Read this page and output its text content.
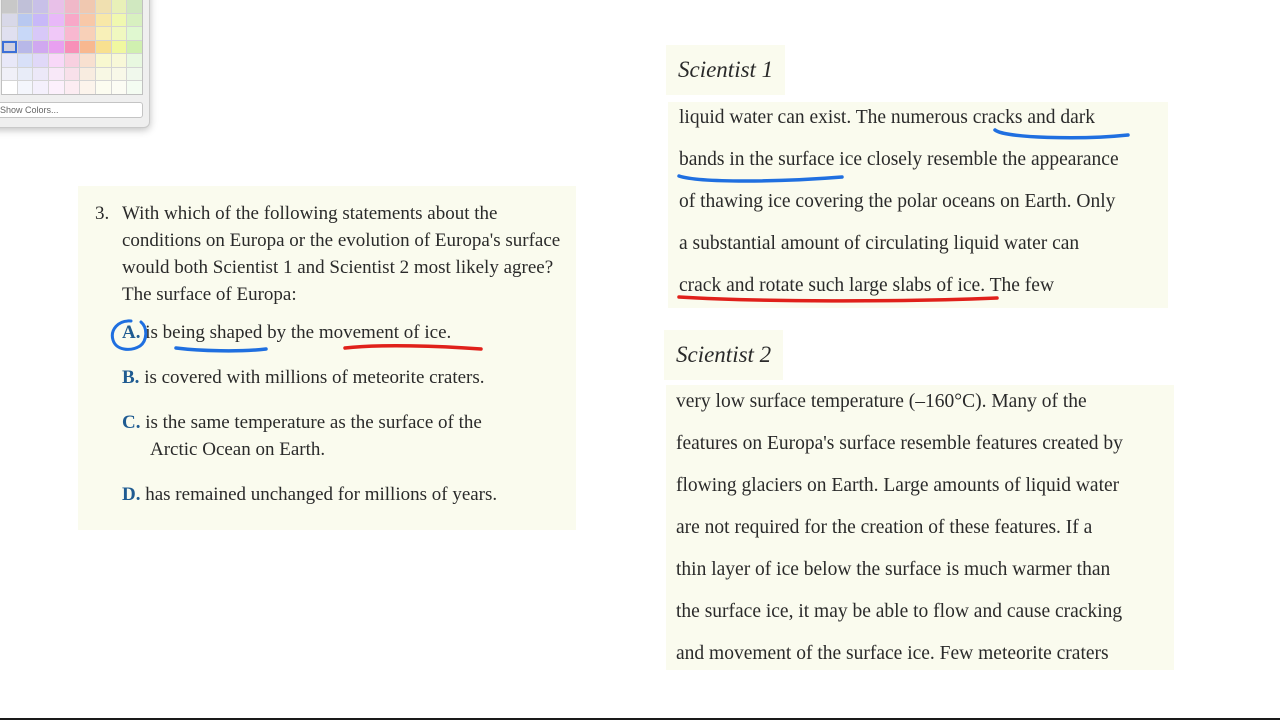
Show Colors...
3. With which of the following statements about the conditions on Europa or the evolution of Europa's surface would both Scientist 1 and Scientist 2 most likely agree? The surface of Europa:
A. is being shaped by the movement of ice.
B. is covered with millions of meteorite craters.
C. is the same temperature as the surface of the
Arctic Ocean on Earth.
D. has remained unchanged for millions of years.
Scientist 1
liquid water can exist. The numerous cracks and dark
bands in the surface ice closely resemble the appearance
of thawing ice covering the polar oceans on Earth. Only
a substantial amount of circulating liquid water can
crack and rotate such large slabs of ice. The few
Scientist 2
very low surface temperature (–160°C). Many of the
features on Europa's surface resemble features created by
flowing glaciers on Earth. Large amounts of liquid water
are not required for the creation of these features. If a
thin layer of ice below the surface is much warmer than
the surface ice, it may be able to flow and cause cracking
and movement of the surface ice. Few meteorite craters
